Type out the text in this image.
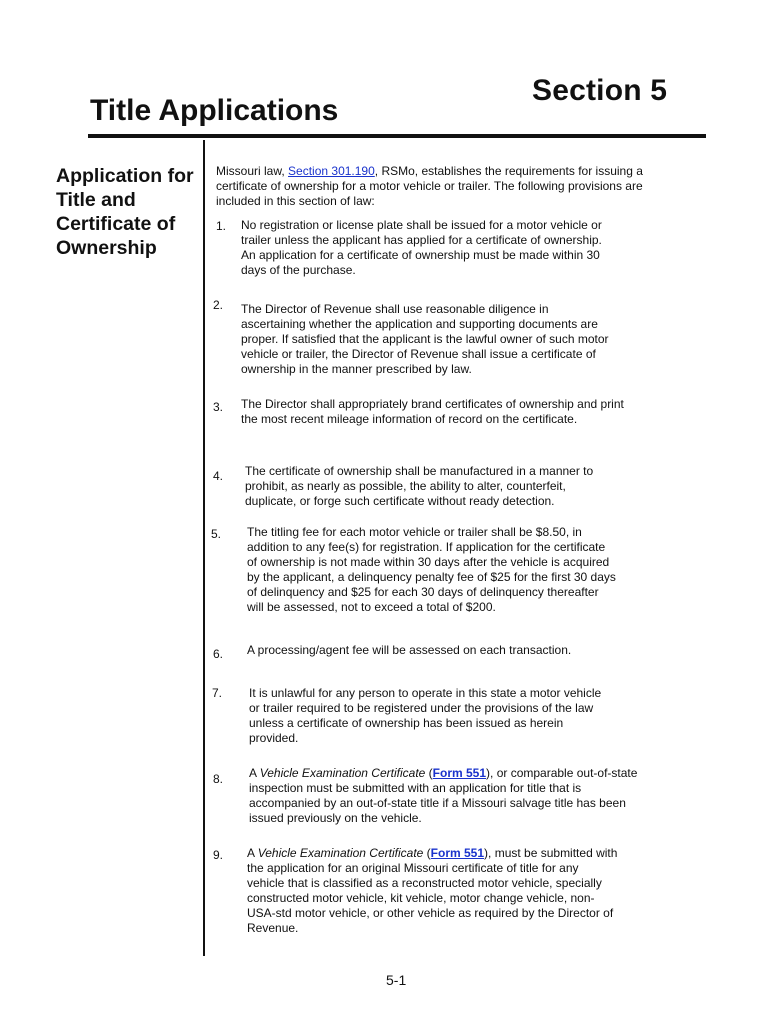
Section 5
Title Applications
Application for
Title and
Certificate of
Ownership
Missouri law, Section 301.190, RSMo, establishes the requirements for issuing a certificate of ownership for a motor vehicle or trailer. The following provisions are included in this section of law:
1. No registration or license plate shall be issued for a motor vehicle or trailer unless the applicant has applied for a certificate of ownership. An application for a certificate of ownership must be made within 30 days of the purchase.
2. The Director of Revenue shall use reasonable diligence in ascertaining whether the application and supporting documents are proper. If satisfied that the applicant is the lawful owner of such motor vehicle or trailer, the Director of Revenue shall issue a certificate of ownership in the manner prescribed by law.
3. The Director shall appropriately brand certificates of ownership and print the most recent mileage information of record on the certificate.
4. The certificate of ownership shall be manufactured in a manner to prohibit, as nearly as possible, the ability to alter, counterfeit, duplicate, or forge such certificate without ready detection.
5. The titling fee for each motor vehicle or trailer shall be $8.50, in addition to any fee(s) for registration. If application for the certificate of ownership is not made within 30 days after the vehicle is acquired by the applicant, a delinquency penalty fee of $25 for the first 30 days of delinquency and $25 for each 30 days of delinquency thereafter will be assessed, not to exceed a total of $200.
6. A processing/agent fee will be assessed on each transaction.
7. It is unlawful for any person to operate in this state a motor vehicle or trailer required to be registered under the provisions of the law unless a certificate of ownership has been issued as herein provided.
8. A Vehicle Examination Certificate (Form 551), or comparable out-of-state inspection must be submitted with an application for title that is accompanied by an out-of-state title if a Missouri salvage title has been issued previously on the vehicle.
9. A Vehicle Examination Certificate (Form 551), must be submitted with the application for an original Missouri certificate of title for any vehicle that is classified as a reconstructed motor vehicle, specially constructed motor vehicle, kit vehicle, motor change vehicle, non-USA-std motor vehicle, or other vehicle as required by the Director of Revenue.
5-1
